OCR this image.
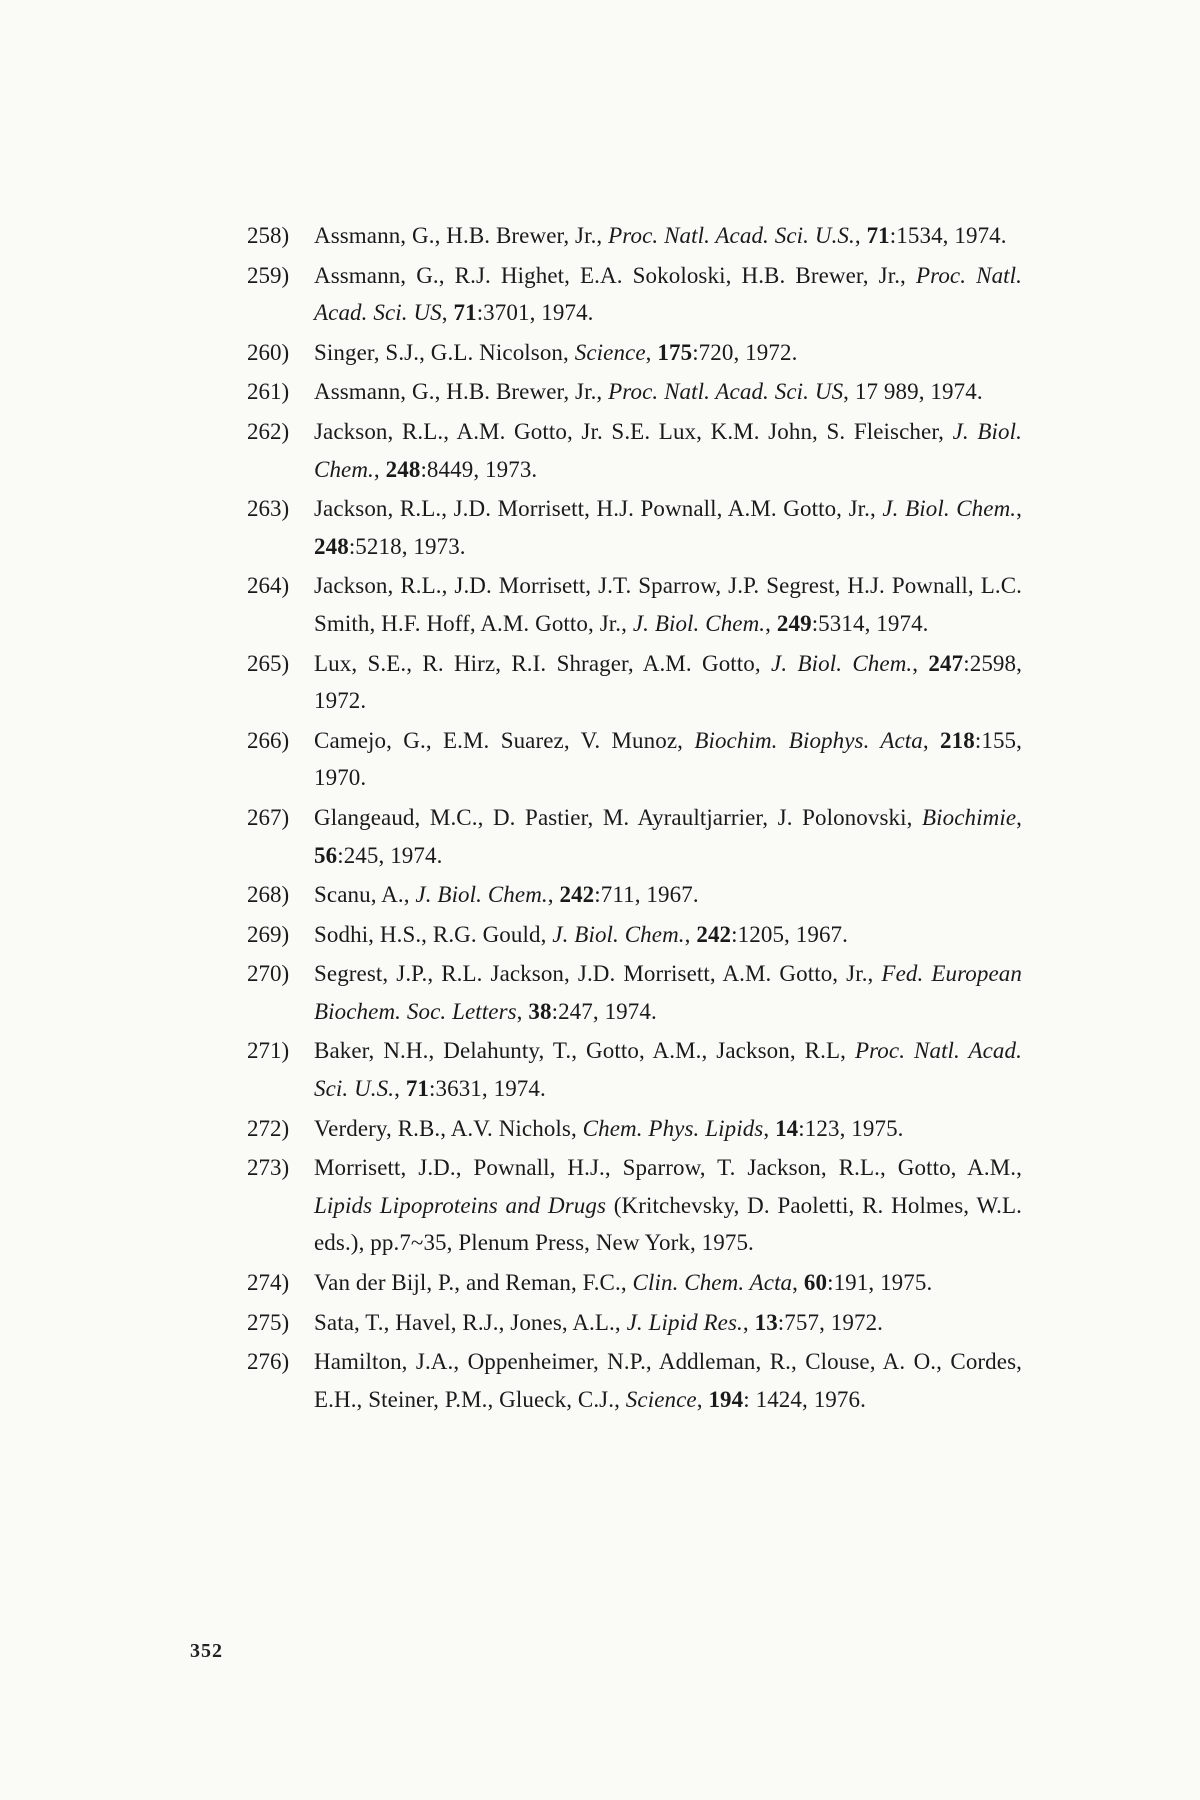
258)	Assmann, G., H.B. Brewer, Jr., Proc. Natl. Acad. Sci. U.S., 71:1534, 1974.
259)	Assmann, G., R.J. Highet, E.A. Sokoloski, H.B. Brewer, Jr., Proc. Natl. Acad. Sci. US, 71:3701, 1974.
260)	Singer, S.J., G.L. Nicolson, Science, 175:720, 1972.
261)	Assmann, G., H.B. Brewer, Jr., Proc. Natl. Acad. Sci. US, 17 989, 1974.
262)	Jackson, R.L., A.M. Gotto, Jr. S.E. Lux, K.M. John, S. Fleischer, J. Biol. Chem., 248:8449, 1973.
263)	Jackson, R.L., J.D. Morrisett, H.J. Pownall, A.M. Gotto, Jr., J. Biol. Chem., 248:5218, 1973.
264)	Jackson, R.L., J.D. Morrisett, J.T. Sparrow, J.P. Segrest, H.J. Pownall, L.C. Smith, H.F. Hoff, A.M. Gotto, Jr., J. Biol. Chem., 249:5314, 1974.
265)	Lux, S.E., R. Hirz, R.I. Shrager, A.M. Gotto, J. Biol. Chem., 247:2598, 1972.
266)	Camejo, G., E.M. Suarez, V. Munoz, Biochim. Biophys. Acta, 218:155, 1970.
267)	Glangeaud, M.C., D. Pastier, M. Ayraultjarrier, J. Polonovski, Biochimie, 56:245, 1974.
268)	Scanu, A., J. Biol. Chem., 242:711, 1967.
269)	Sodhi, H.S., R.G. Gould, J. Biol. Chem., 242:1205, 1967.
270)	Segrest, J.P., R.L. Jackson, J.D. Morrisett, A.M. Gotto, Jr., Fed. European Biochem. Soc. Letters, 38:247, 1974.
271)	Baker, N.H., Delahunty, T., Gotto, A.M., Jackson, R.L, Proc. Natl. Acad. Sci. U.S., 71:3631, 1974.
272)	Verdery, R.B., A.V. Nichols, Chem. Phys. Lipids, 14:123, 1975.
273)	Morrisett, J.D., Pownall, H.J., Sparrow, T. Jackson, R.L., Gotto, A.M., Lipids Lipoproteins and Drugs (Kritchevsky, D. Paoletti, R. Holmes, W.L. eds.), pp.7~35, Plenum Press, New York, 1975.
274)	Van der Bijl, P., and Reman, F.C., Clin. Chem. Acta, 60:191, 1975.
275)	Sata, T., Havel, R.J., Jones, A.L., J. Lipid Res., 13:757, 1972.
276)	Hamilton, J.A., Oppenheimer, N.P., Addleman, R., Clouse, A. O., Cordes, E.H., Steiner, P.M., Glueck, C.J., Science, 194: 1424, 1976.
352
